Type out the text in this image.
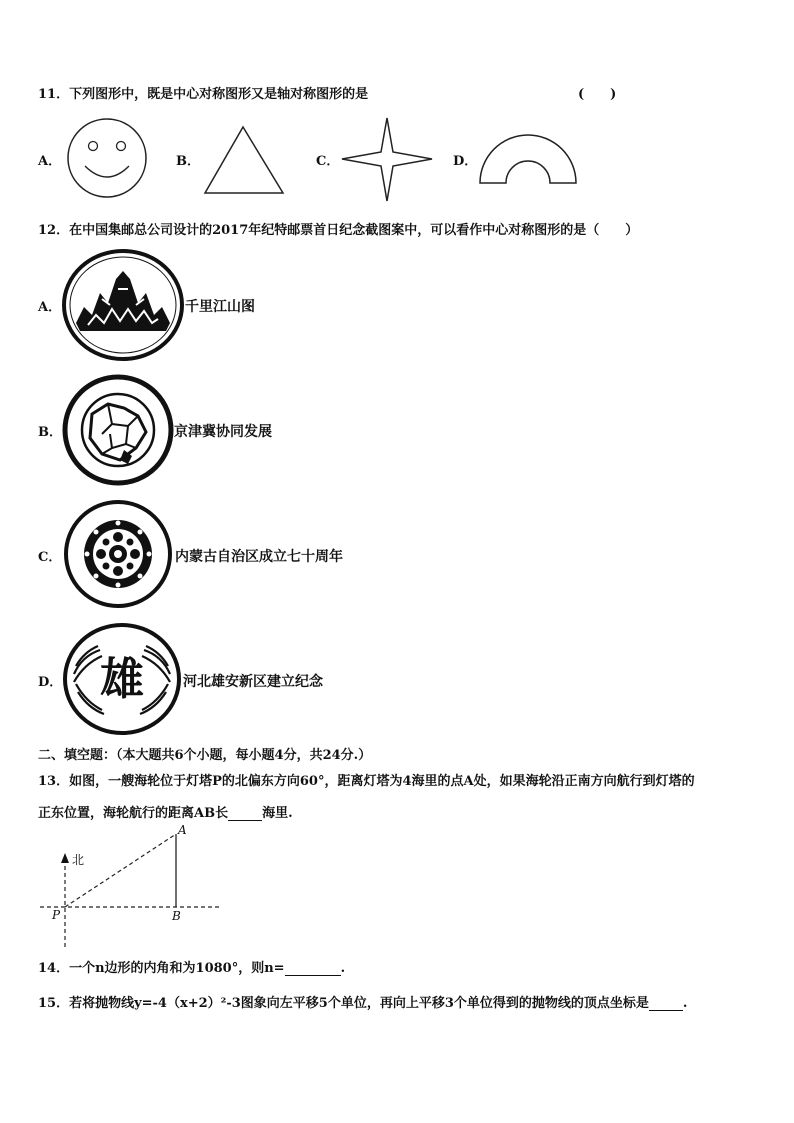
11．下列图形中，既是中心对称图形又是轴对称图形的是	(　　)
A．	B．	C．	D．
12．在中国集邮总公司设计的2017年纪特邮票首日纪念截图案中，可以看作中心对称图形的是（　　）
A．	千里江山图
B．	京津冀协同发展
C．	内蒙古自治区成立七十周年
D． 雄	河北雄安新区建立纪念
二、填空题：（本大题共6个小题，每小题4分，共24分.）
13．如图，一艘海轮位于灯塔P的北偏东方向60°，距离灯塔为4海里的点A处，如果海轮沿正南方向航行到灯塔的
正东位置，海轮航行的距离AB长	海里.
北
P
A
B
14．一个n边形的内角和为1080°，则n=	.
15．若将抛物线y=-4（x+2）²-3图象向左平移5个单位，再向上平移3个单位得到的抛物线的顶点坐标是	.
